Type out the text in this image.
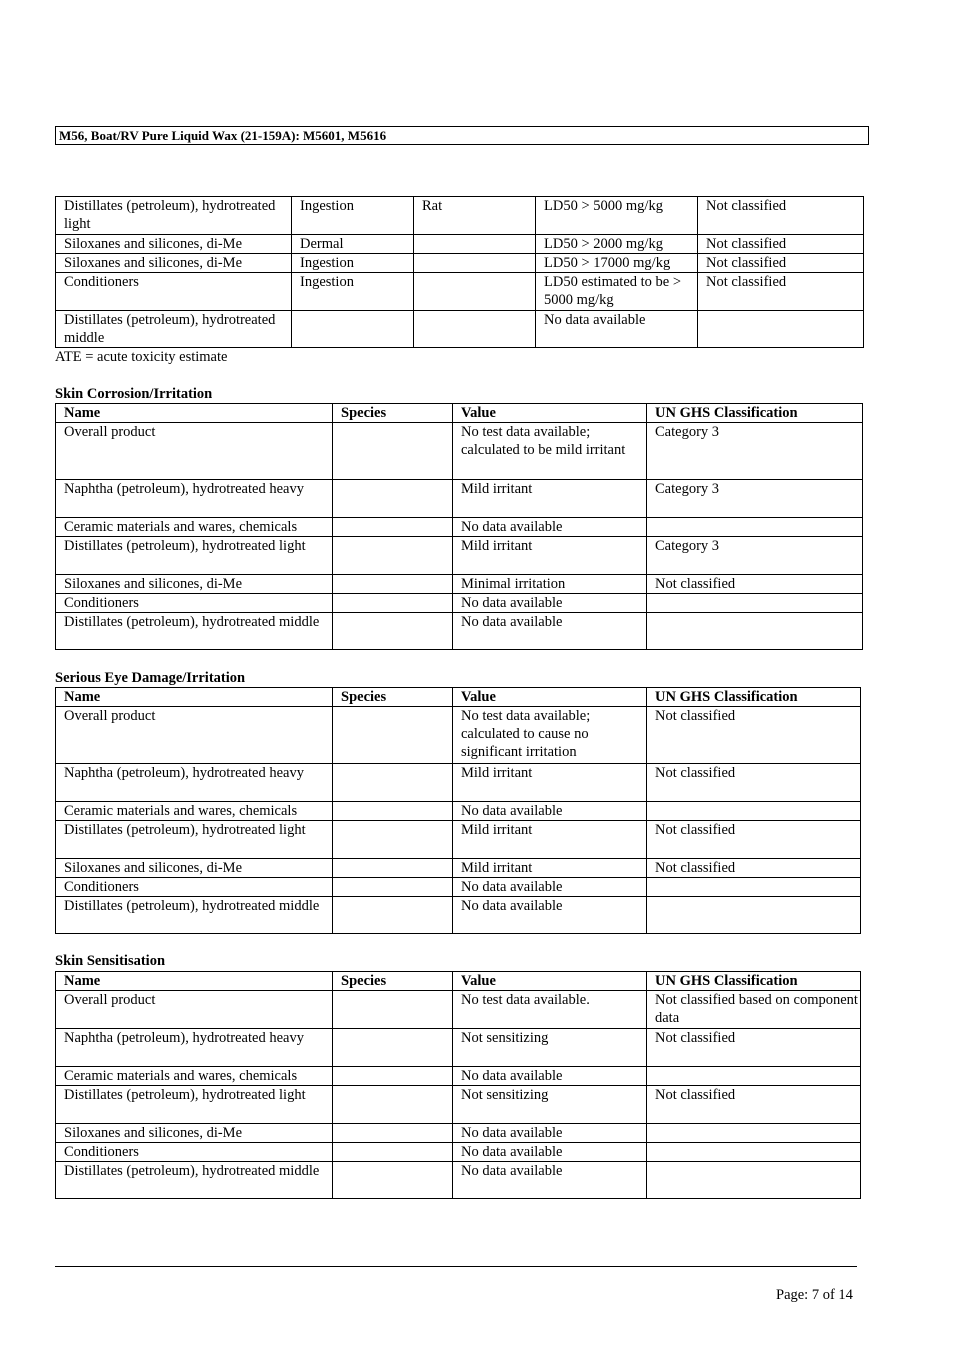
M56, Boat/RV Pure Liquid Wax (21-159A): M5601, M5616
Distillates (petroleum), hydrotreated light	Ingestion	Rat	LD50 > 5000 mg/kg	Not classified
Siloxanes and silicones, di-Me	Dermal		LD50 > 2000 mg/kg	Not classified
Siloxanes and silicones, di-Me	Ingestion		LD50 > 17000 mg/kg	Not classified
Conditioners	Ingestion		LD50 estimated to be > 5000 mg/kg	Not classified
Distillates (petroleum), hydrotreated middle			No data available	
ATE = acute toxicity estimate
Skin Corrosion/Irritation
Name	Species	Value	UN GHS Classification
Overall product		No test data available; calculated to be mild irritant	Category 3
Naphtha (petroleum), hydrotreated heavy		Mild irritant	Category 3
Ceramic materials and wares, chemicals		No data available	
Distillates (petroleum), hydrotreated light		Mild irritant	Category 3
Siloxanes and silicones, di-Me		Minimal irritation	Not classified
Conditioners		No data available	
Distillates (petroleum), hydrotreated middle		No data available	
Serious Eye Damage/Irritation
Name	Species	Value	UN GHS Classification
Overall product		No test data available; calculated to cause no significant irritation	Not classified
Naphtha (petroleum), hydrotreated heavy		Mild irritant	Not classified
Ceramic materials and wares, chemicals		No data available	
Distillates (petroleum), hydrotreated light		Mild irritant	Not classified
Siloxanes and silicones, di-Me		Mild irritant	Not classified
Conditioners		No data available	
Distillates (petroleum), hydrotreated middle		No data available	
Skin Sensitisation
Name	Species	Value	UN GHS Classification
Overall product		No test data available.	Not classified based on component data
Naphtha (petroleum), hydrotreated heavy		Not sensitizing	Not classified
Ceramic materials and wares, chemicals		No data available	
Distillates (petroleum), hydrotreated light		Not sensitizing	Not classified
Siloxanes and silicones, di-Me		No data available	
Conditioners		No data available	
Distillates (petroleum), hydrotreated middle		No data available	
Page: 7 of 14
